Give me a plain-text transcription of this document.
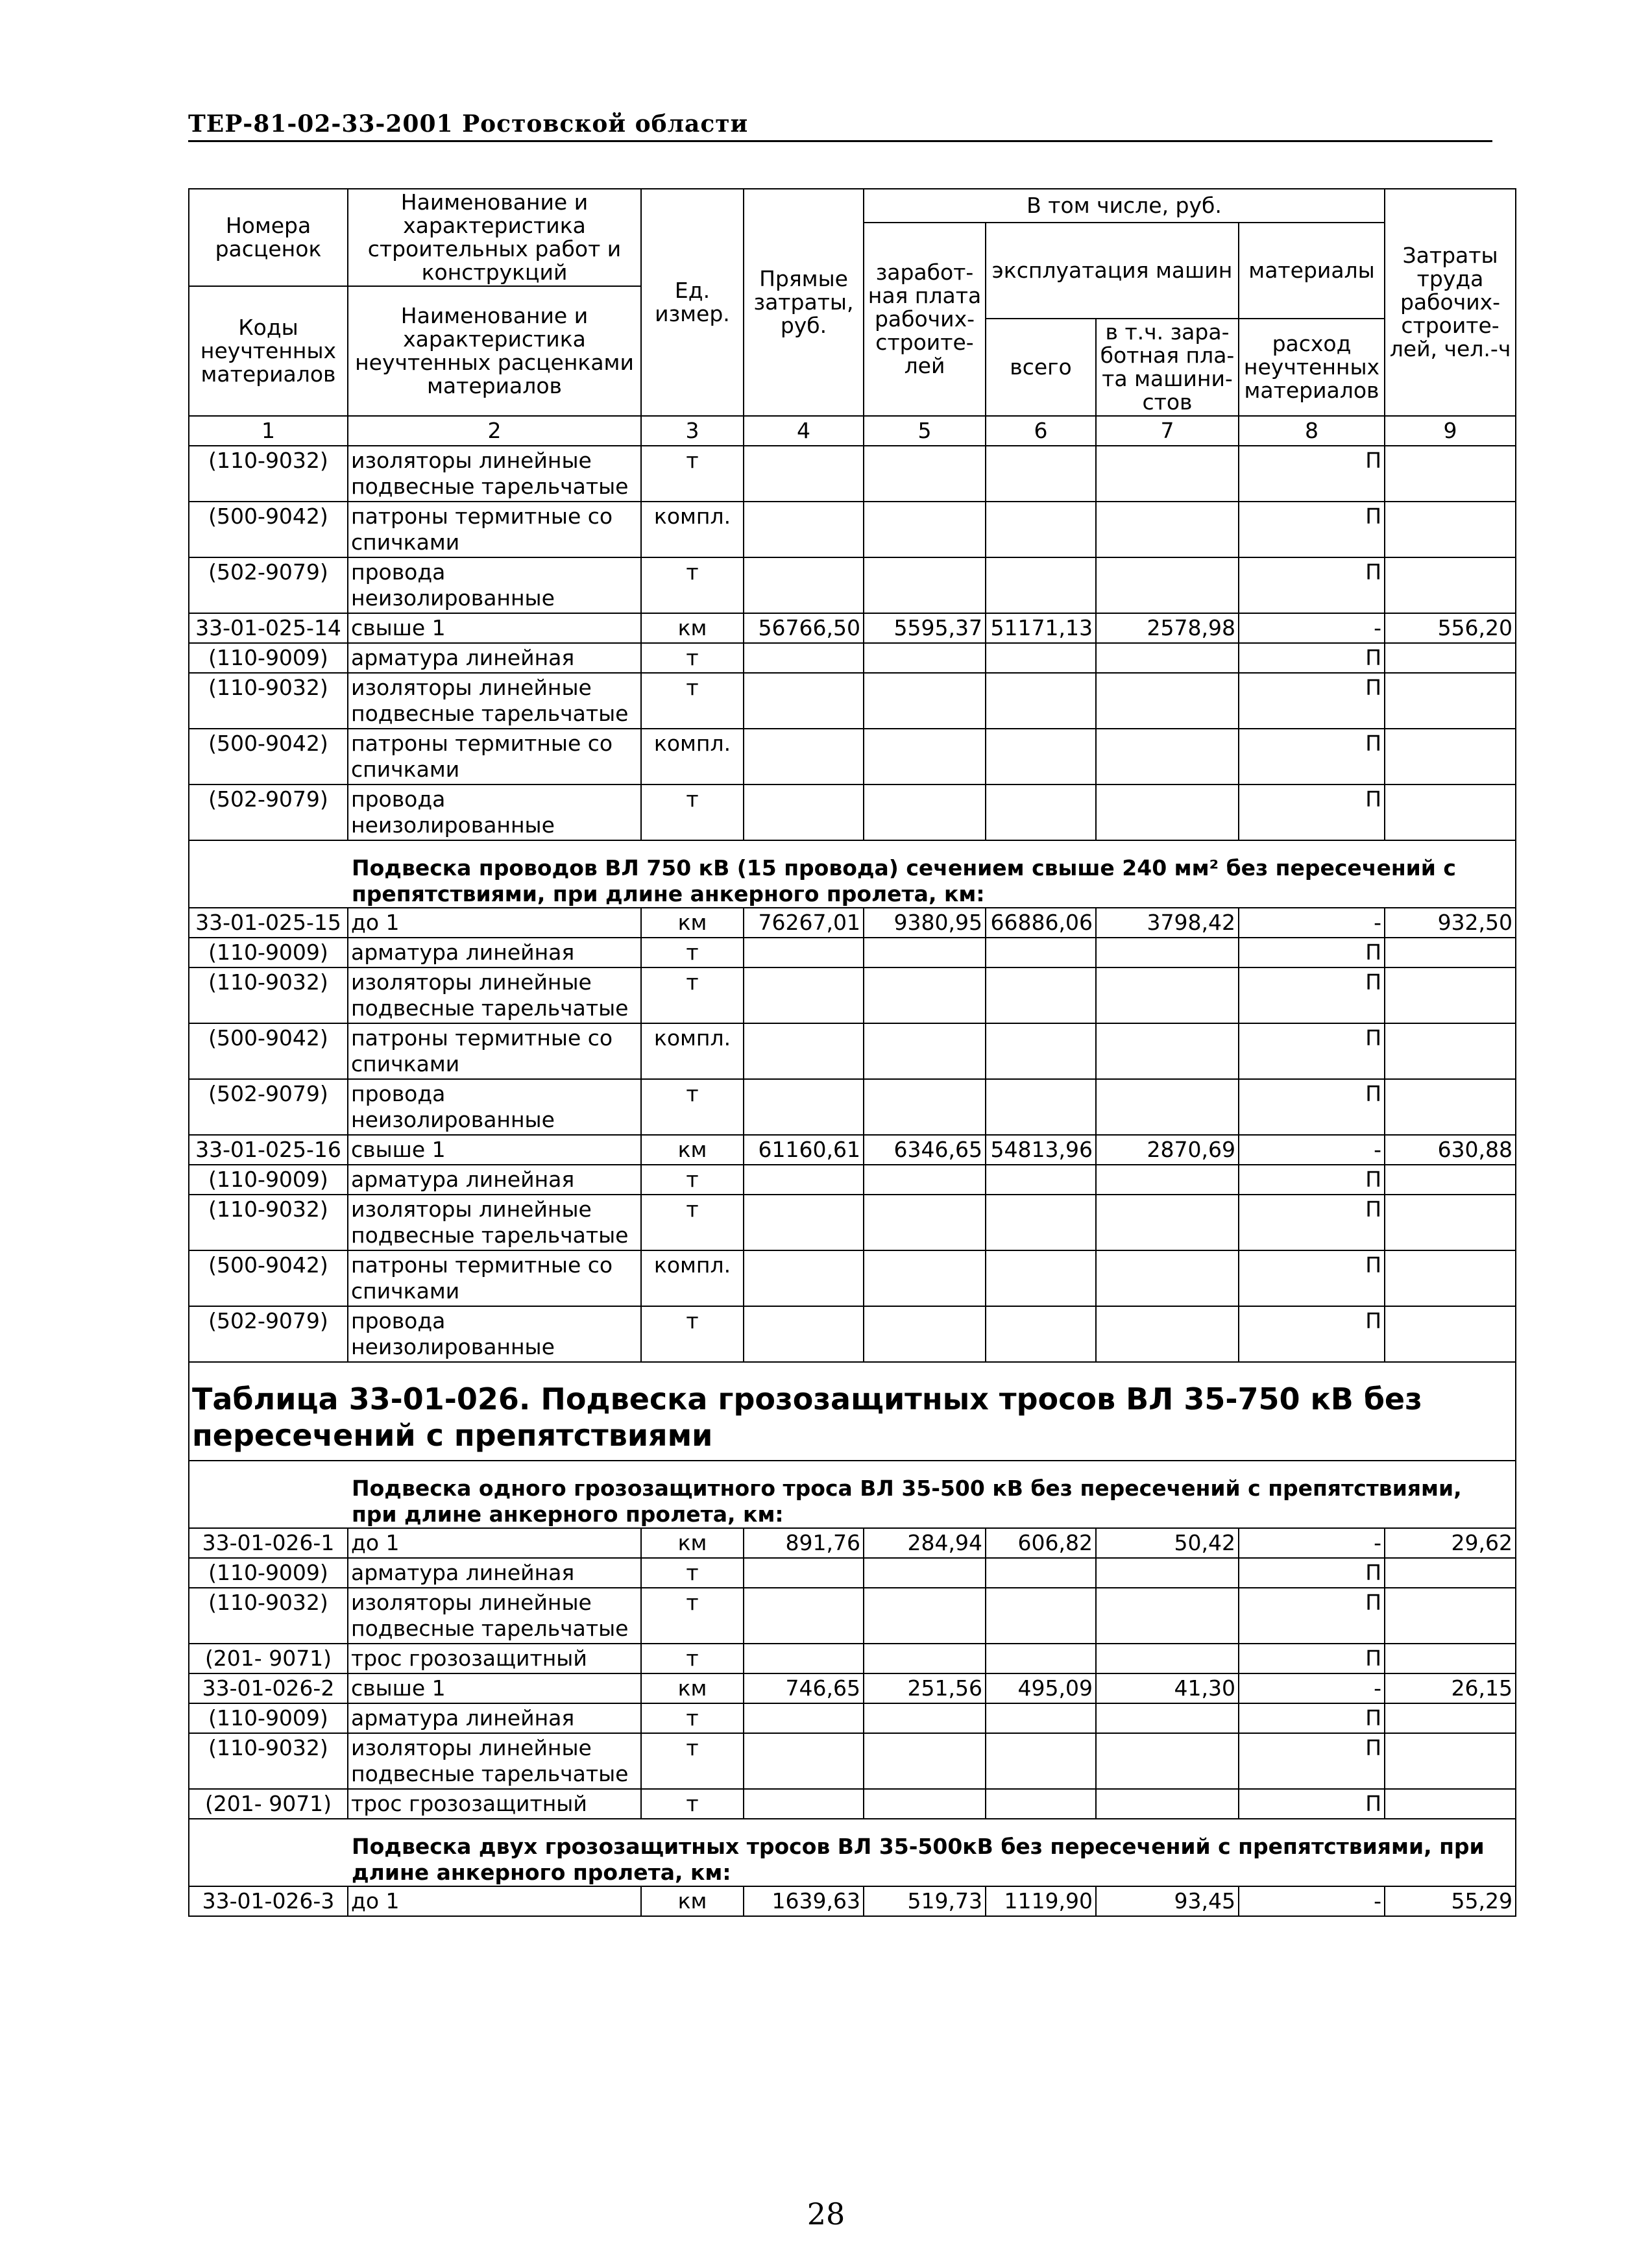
ТЕР-81-02-33-2001 Ростовской области
Номера расценок	Наименование и характеристика строительных работ и конструкций	Ед. измер.	Прямые затраты, руб.	В том числе, руб.				Затраты труда рабочих-строите-лей, чел.-ч
				заработ-ная плата рабочих-строите-лей	эксплуатация машин		материалы	
Коды неучтенных материалов	Наименование и характеристика неучтенных расценками материалов							
					всего	в т.ч. зара-ботная пла-та машини-стов	расход неучтенных материалов	

1	2	3	4	5	6	7	8	9
(110-9032)	изоляторы линейные подвесные тарельчатые	т					П	
(500-9042)	патроны термитные со спичками	компл.					П	
(502-9079)	провода неизолированные	т					П	
33-01-025-14	свыше 1	км	56766,50	5595,37	51171,13	2578,98	-	556,20
(110-9009)	арматура линейная	т					П	
(110-9032)	изоляторы линейные подвесные тарельчатые	т					П	
(500-9042)	патроны термитные со спичками	компл.					П	
(502-9079)	провода неизолированные	т					П	
Подвеска проводов ВЛ 750 кВ (15 провода) сечением свыше 240 мм² без пересечений с препятствиями, при длине анкерного пролета, км:								
33-01-025-15	до 1	км	76267,01	9380,95	66886,06	3798,42	-	932,50
(110-9009)	арматура линейная	т					П	
(110-9032)	изоляторы линейные подвесные тарельчатые	т					П	
(500-9042)	патроны термитные со спичками	компл.					П	
(502-9079)	провода неизолированные	т					П	
33-01-025-16	свыше 1	км	61160,61	6346,65	54813,96	2870,69	-	630,88
(110-9009)	арматура линейная	т					П	
(110-9032)	изоляторы линейные подвесные тарельчатые	т					П	
(500-9042)	патроны термитные со спичками	компл.					П	
(502-9079)	провода неизолированные	т					П	

Таблица 33-01-026. Подвеска грозозащитных тросов ВЛ 35-750 кВ без пересечений с препятствиями								
Подвеска одного грозозащитного троса ВЛ 35-500 кВ без пересечений с препятствиями, при длине анкерного пролета, км:								
33-01-026-1	до 1	км	891,76	284,94	606,82	50,42	-	29,62
(110-9009)	арматура линейная	т					П	
(110-9032)	изоляторы линейные подвесные тарельчатые	т					П	
(201- 9071)	трос грозозащитный	т					П	
33-01-026-2	свыше 1	км	746,65	251,56	495,09	41,30	-	26,15
(110-9009)	арматура линейная	т					П	
(110-9032)	изоляторы линейные подвесные тарельчатые	т					П	
(201- 9071)	трос грозозащитный	т					П	
Подвеска двух грозозащитных тросов ВЛ 35-500кВ без пересечений с препятствиями, при длине анкерного пролета, км:								
33-01-026-3	до 1	км	1639,63	519,73	1119,90	93,45	-	55,29
28
